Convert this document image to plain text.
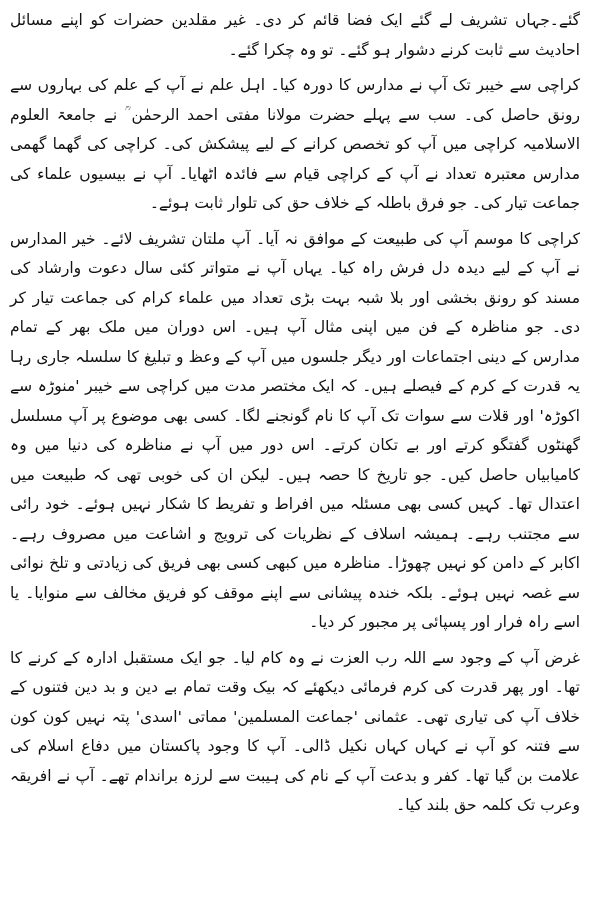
گئے۔جہاں تشریف لے گئے ایک فضا قائم کر دی۔ غیر مقلدین حضرات کو اپنے مسائل احادیث سے ثابت کرنے دشوار ہو گئے۔ تو وہ چکرا گئے۔

کراچی سے خیبر تک آپ نے مدارس کا دورہ کیا۔ اہل علم نے آپ کے علم کی بہاروں سے رونق حاصل کی۔ سب سے پہلے حضرت مولانا مفتی احمد الرحمٰن ؒ نے جامعۃ العلوم الاسلامیہ کراچی میں آپ کو تخصص کرانے کے لیے پیشکش کی۔ کراچی کی گھما گھمی مدارس معتبرہ تعداد نے آپ کے کراچی قیام سے فائدہ اٹھایا۔ آپ نے بیسیوں علماء کی جماعت تیار کی۔ جو فرق باطلہ کے خلاف حق کی تلوار ثابت ہوئے۔

کراچی کا موسم آپ کی طبیعت کے موافق نہ آیا۔ آپ ملتان تشریف لائے۔ خیر المدارس نے آپ کے لیے دیدہ دل فرش راہ کیا۔ یہاں آپ نے متواتر کئی سال دعوت وارشاد کی مسند کو رونق بخشی اور بلا شبہ بہت بڑی تعداد میں علماء کرام کی جماعت تیار کر دی۔ جو مناظرہ کے فن میں اپنی مثال آپ ہیں۔ اس دوران میں ملک بھر کے تمام مدارس کے دینی اجتماعات اور دیگر جلسوں میں آپ کے وعظ و تبلیغ کا سلسلہ جاری رہا یہ قدرت کے کرم کے فیصلے ہیں۔ کہ ایک مختصر مدت میں کراچی سے خیبر 'منوڑہ سے اکوڑہ' اور قلات سے سوات تک آپ کا نام گونجنے لگا۔ کسی بھی موضوع پر آپ مسلسل گھنٹوں گفتگو کرتے اور بے تکان کرتے۔ اس دور میں آپ نے مناظرہ کی دنیا میں وہ کامیابیاں حاصل کیں۔ جو تاریخ کا حصہ ہیں۔ لیکن ان کی خوبی تھی کہ طبیعت میں اعتدال تھا۔ کہیں کسی بھی مسئلہ میں افراط و تفریط کا شکار نہیں ہوئے۔ خود رائی سے مجتنب رہے۔ ہمیشہ اسلاف کے نظریات کی ترویج و اشاعت میں مصروف رہے۔ اکابر کے دامن کو نہیں چھوڑا۔ مناظرہ میں کبھی کسی بھی فریق کی زیادتی و تلخ نوائی سے غصہ نہیں ہوئے۔ بلکہ خندہ پیشانی سے اپنے موقف کو فریق مخالف سے منوایا۔ یا اسے راہ فرار اور پسپائی پر مجبور کر دیا۔

غرض آپ کے وجود سے اللہ رب العزت نے وہ کام لیا۔ جو ایک مستقبل ادارہ کے کرنے کا تھا۔ اور پھر قدرت کی کرم فرمائی دیکھئے کہ بیک وقت تمام بے دین و بد دین فتنوں کے خلاف آپ کی تیاری تھی۔ عثمانی 'جماعت المسلمین' مماتی 'اسدی' پتہ نہیں کون کون سے فتنہ کو آپ نے کہاں کہاں نکیل ڈالی۔ آپ کا وجود پاکستان میں دفاع اسلام کی علامت بن گیا تھا۔ کفر و بدعت آپ کے نام کی ہیبت سے لرزہ براندام تھے۔ آپ نے افریقہ وعرب تک کلمہ حق بلند کیا۔
